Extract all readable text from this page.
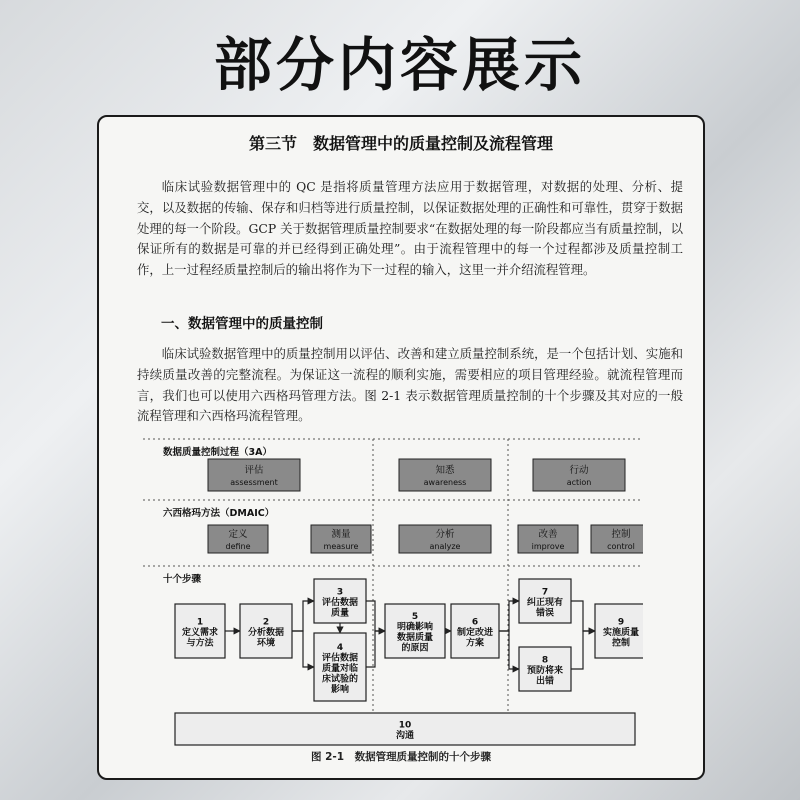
部分内容展示
第三节　数据管理中的质量控制及流程管理

临床试验数据管理中的 QC 是指将质量管理方法应用于数据管理，对数据的处理、分析、提交，以及数据的传输、保存和归档等进行质量控制，以保证数据处理的正确性和可靠性，贯穿于数据处理的每一个阶段。GCP 关于数据管理质量控制要求“在数据处理的每一阶段都应当有质量控制，以保证所有的数据是可靠的并已经得到正确处理”。由于流程管理中的每一个过程都涉及质量控制工作，上一过程经质量控制后的输出将作为下一过程的输入，这里一并介绍流程管理。

一、数据管理中的质量控制

临床试验数据管理中的质量控制用以评估、改善和建立质量控制系统，是一个包括计划、实施和持续质量改善的完整流程。为保证这一流程的顺利实施，需要相应的项目管理经验。就流程管理而言，我们也可以使用六西格玛管理方法。图 2-1 表示数据管理质量控制的十个步骤及其对应的一般流程管理和六西格玛流程管理。

数据质量控制过程（3A）
六西格玛方法（DMAIC）
十个步骤
评估
assessment
知悉
awareness
行动
action
定义
define
测量
measure
分析
analyze
改善
improve
控制
control
1
定义需求
与方法
2
分析数据
环境
3
评估数据
质量
4
评估数据
质量对临
床试验的
影响
5
明确影响
数据质量
的原因
6
制定改进
方案
7
纠正现有
错误
8
预防将来
出错
9
实施质量
控制
10
沟通
图 2-1　数据管理质量控制的十个步骤
